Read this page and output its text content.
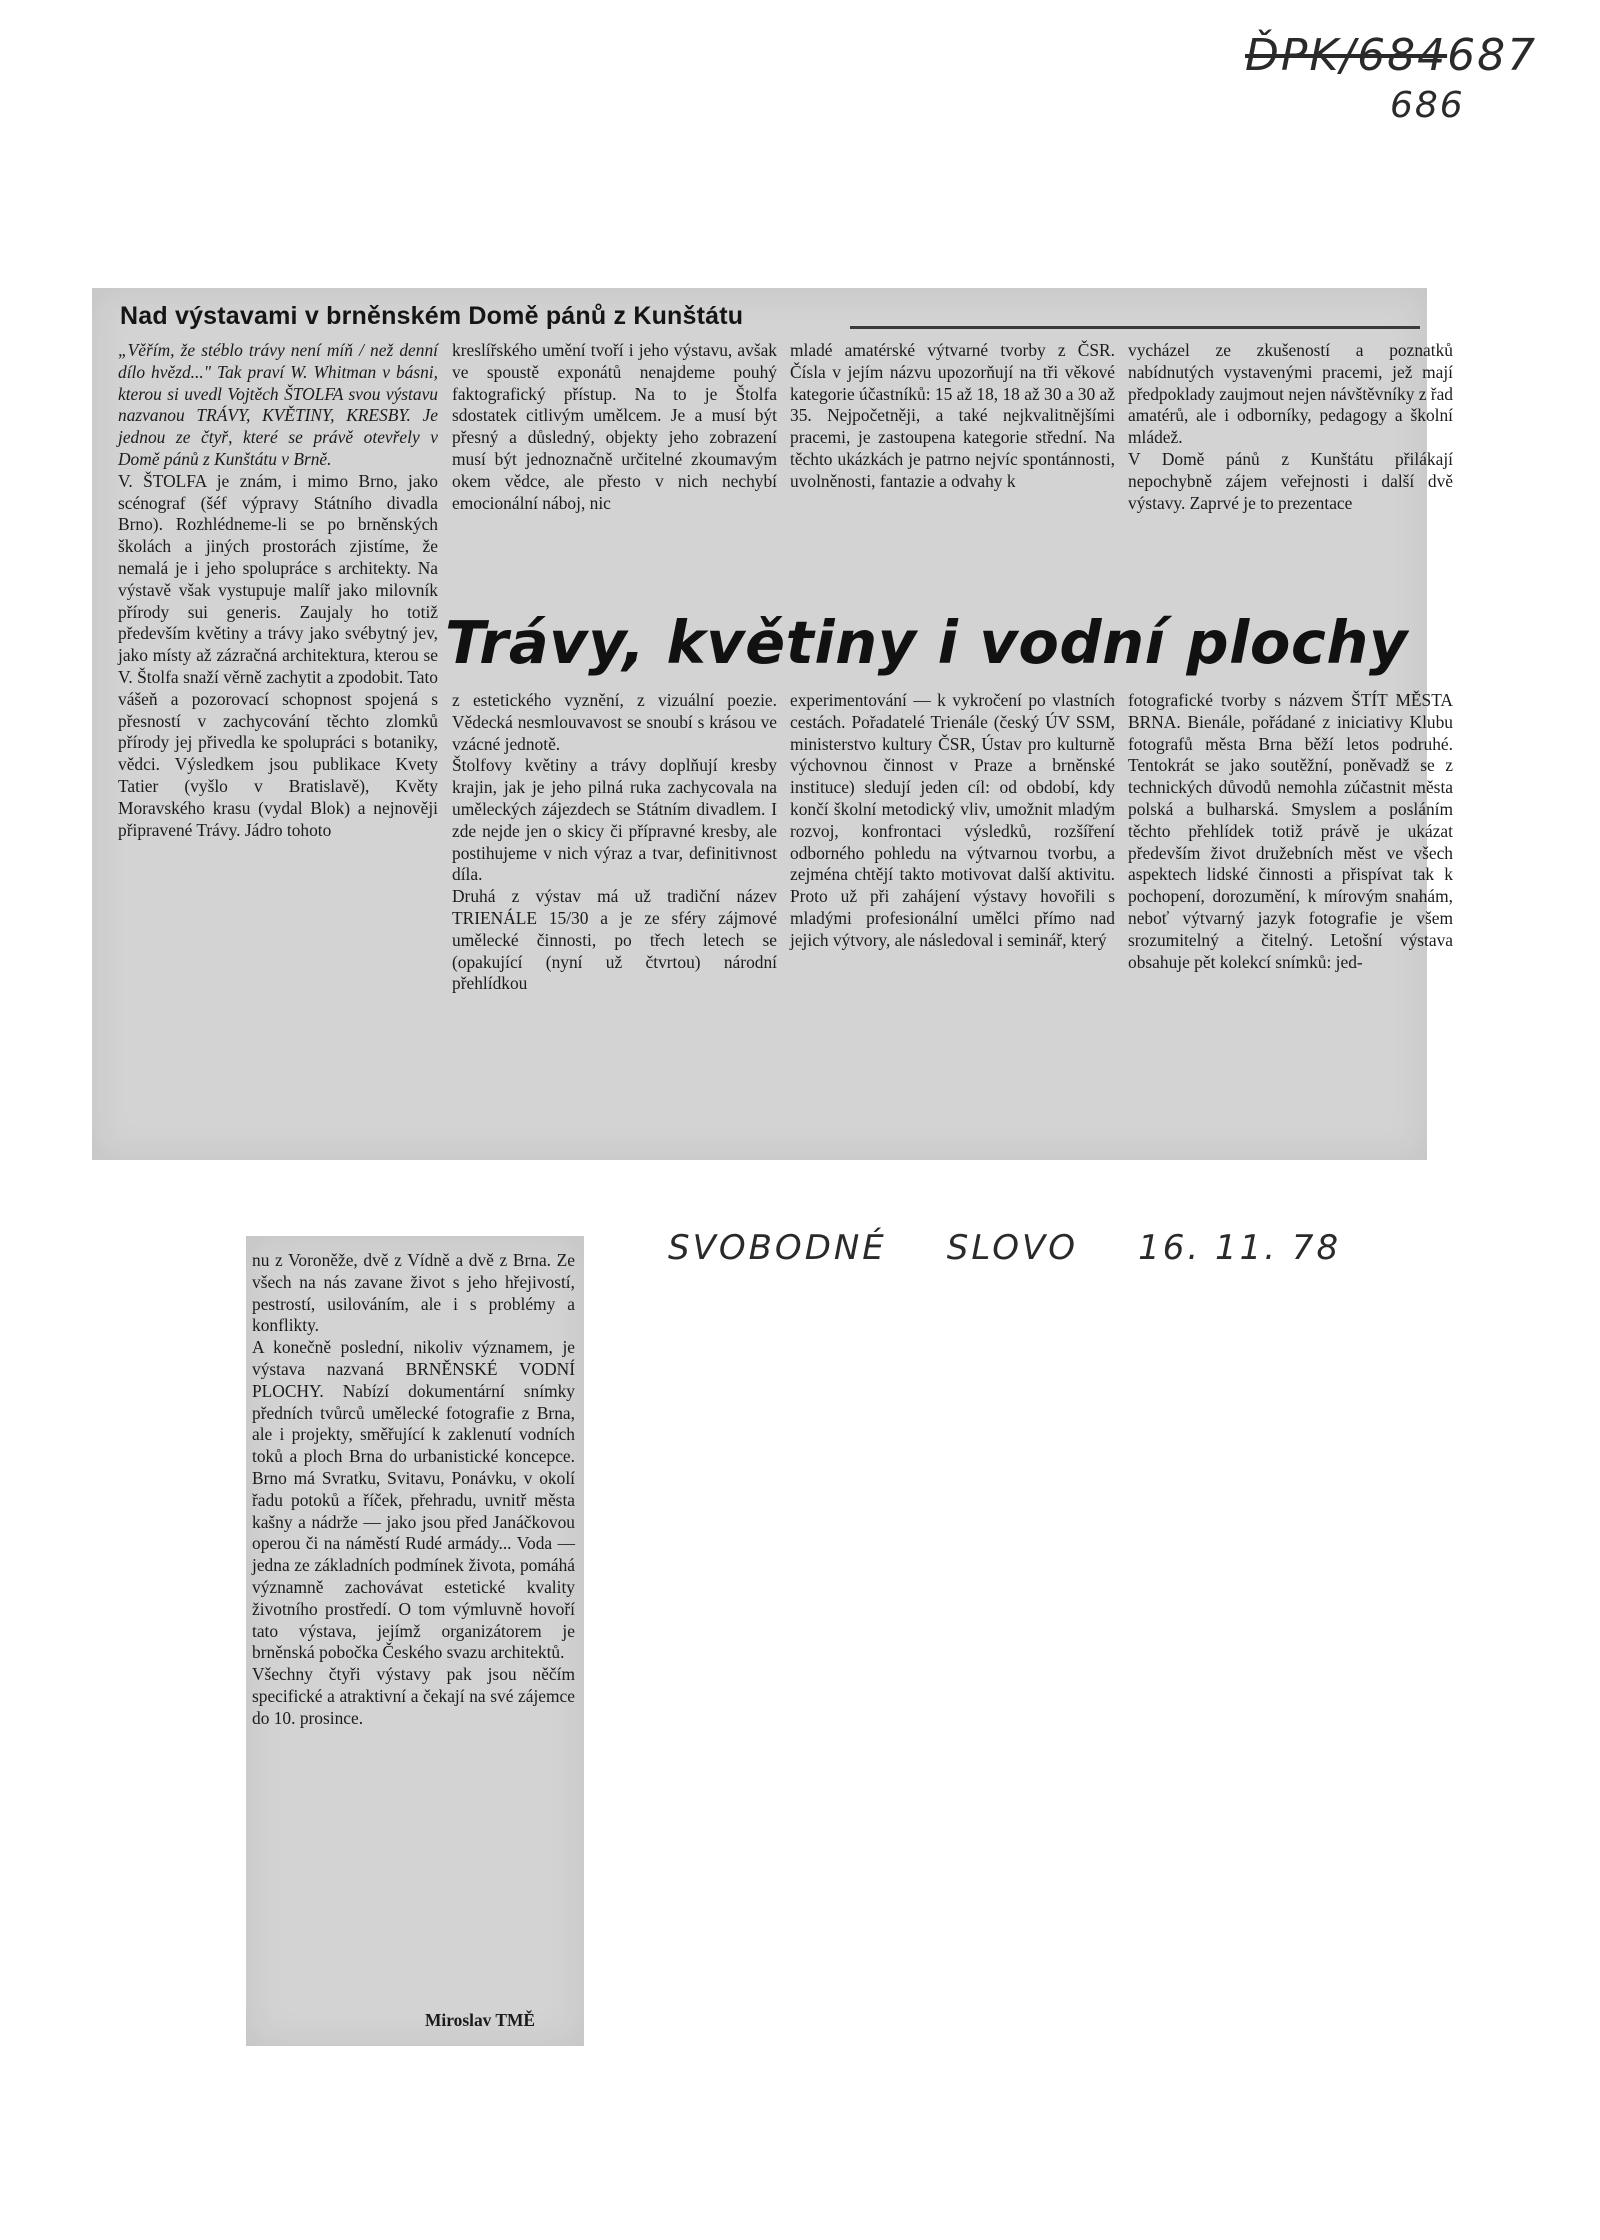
ĎPK/684687
686
Nad výstavami v brněnském Domě pánů z Kunštátu

„Věřím, že stéblo trávy není míň / než denní dílo hvězd..." Tak praví W. Whitman v básni, kterou si uvedl Vojtěch ŠTOLFA svou výstavu nazvanou TRÁVY, KVĚTINY, KRESBY. Je jednou ze čtyř, které se právě otevřely v Domě pánů z Kunštátu v Brně.
V. ŠTOLFA je znám, i mimo Brno, jako scénograf (šéf výpravy Státního divadla Brno). Rozhlédneme-li se po brněnských školách a jiných prostorách zjistíme, že nemalá je i jeho spolupráce s architekty. Na výstavě však vystupuje malíř jako milovník přírody sui generis. Zaujaly ho totiž především květiny a trávy jako svébytný jev, jako místy až zázračná architektura, kterou se V. Štolfa snaží věrně zachytit a zpodobit. Tato vášeň a pozorovací schopnost spojená s přesností v zachycování těchto zlomků přírody jej přivedla ke spolupráci s botaniky, vědci. Výsledkem jsou publikace Kvety Tatier (vyšlo v Bratislavě), Květy Moravského krasu (vydal Blok) a nejnověji připravené Trávy. Jádro tohoto

kreslířského umění tvoří i jeho výstavu, avšak ve spoustě exponátů nenajdeme pouhý faktografický přístup. Na to je Štolfa sdostatek citlivým umělcem. Je a musí být přesný a důsledný, objekty jeho zobrazení musí být jednoznačně určitelné zkoumavým okem vědce, ale přesto v nich nechybí emocionální náboj, nic

mladé amatérské výtvarné tvorby z ČSR. Čísla v jejím názvu upozorňují na tři věkové kategorie účastníků: 15 až 18, 18 až 30 a 30 až 35. Nejpočetněji, a také nejkvalitnějšími pracemi, je zastoupena kategorie střední. Na těchto ukázkách je patrno nejvíc spontánnosti, uvolněnosti, fantazie a odvahy k

vycházel ze zkušeností a poznatků nabídnutých vystavenými pracemi, jež mají předpoklady zaujmout nejen návštěvníky z řad amatérů, ale i odborníky, pedagogy a školní mládež.
V Domě pánů z Kunštátu přilákají nepochybně zájem veřejnosti i další dvě výstavy. Zaprvé je to prezentace

Trávy, květiny i vodní plochy

z estetického vyznění, z vizuální poezie. Vědecká nesmlouvavost se snoubí s krásou ve vzácné jednotě.
Štolfovy květiny a trávy doplňují kresby krajin, jak je jeho pilná ruka zachycovala na uměleckých zájezdech se Státním divadlem. I zde nejde jen o skicy či přípravné kresby, ale postihujeme v nich výraz a tvar, definitivnost díla.
Druhá z výstav má už tradiční název TRIENÁLE 15/30 a je ze sféry zájmové umělecké činnosti, po třech letech se (opakující (nyní už čtvrtou) národní přehlídkou

experimentování — k vykročení po vlastních cestách. Pořadatelé Trienále (český ÚV SSM, ministerstvo kultury ČSR, Ústav pro kulturně výchovnou činnost v Praze a brněnské instituce) sledují jeden cíl: od období, kdy končí školní metodický vliv, umožnit mladým rozvoj, konfrontaci výsledků, rozšíření odborného pohledu na výtvarnou tvorbu, a zejména chtějí takto motivovat další aktivitu. Proto už při zahájení výstavy hovořili s mladými profesionální umělci přímo nad jejich výtvory, ale následoval i seminář, který

fotografické tvorby s názvem ŠTÍT MĚSTA BRNA. Bienále, pořádané z iniciativy Klubu fotografů města Brna běží letos podruhé. Tentokrát se jako soutěžní, poněvadž se z technických důvodů nemohla zúčastnit města polská a bulharská. Smyslem a posláním těchto přehlídek totiž právě je ukázat především život družebních měst ve všech aspektech lidské činnosti a přispívat tak k pochopení, dorozumění, k mírovým snahám, neboť výtvarný jazyk fotografie je všem srozumitelný a čitelný. Letošní výstava obsahuje pět kolekcí snímků: jed-

nu z Voroněže, dvě z Vídně a dvě z Brna. Ze všech na nás zavane život s jeho hřejivostí, pestrostí, usilováním, ale i s problémy a konflikty.
A konečně poslední, nikoliv významem, je výstava nazvaná BRNĚNSKÉ VODNÍ PLOCHY. Nabízí dokumentární snímky předních tvůrců umělecké fotografie z Brna, ale i projekty, směřující k zaklenutí vodních toků a ploch Brna do urbanistické koncepce. Brno má Svratku, Svitavu, Ponávku, v okolí řadu potoků a říček, přehradu, uvnitř města kašny a nádrže — jako jsou před Janáčkovou operou či na náměstí Rudé armády... Voda — jedna ze základních podmínek života, pomáhá významně zachovávat estetické kvality životního prostředí. O tom výmluvně hovoří tato výstava, jejímž organizátorem je brněnská pobočka Českého svazu architektů.
Všechny čtyři výstavy pak jsou něčím specifické a atraktivní a čekají na své zájemce do 10. prosince.

Miroslav TMĚ

SVOBODNÉ SLOVO 16. 11. 78
